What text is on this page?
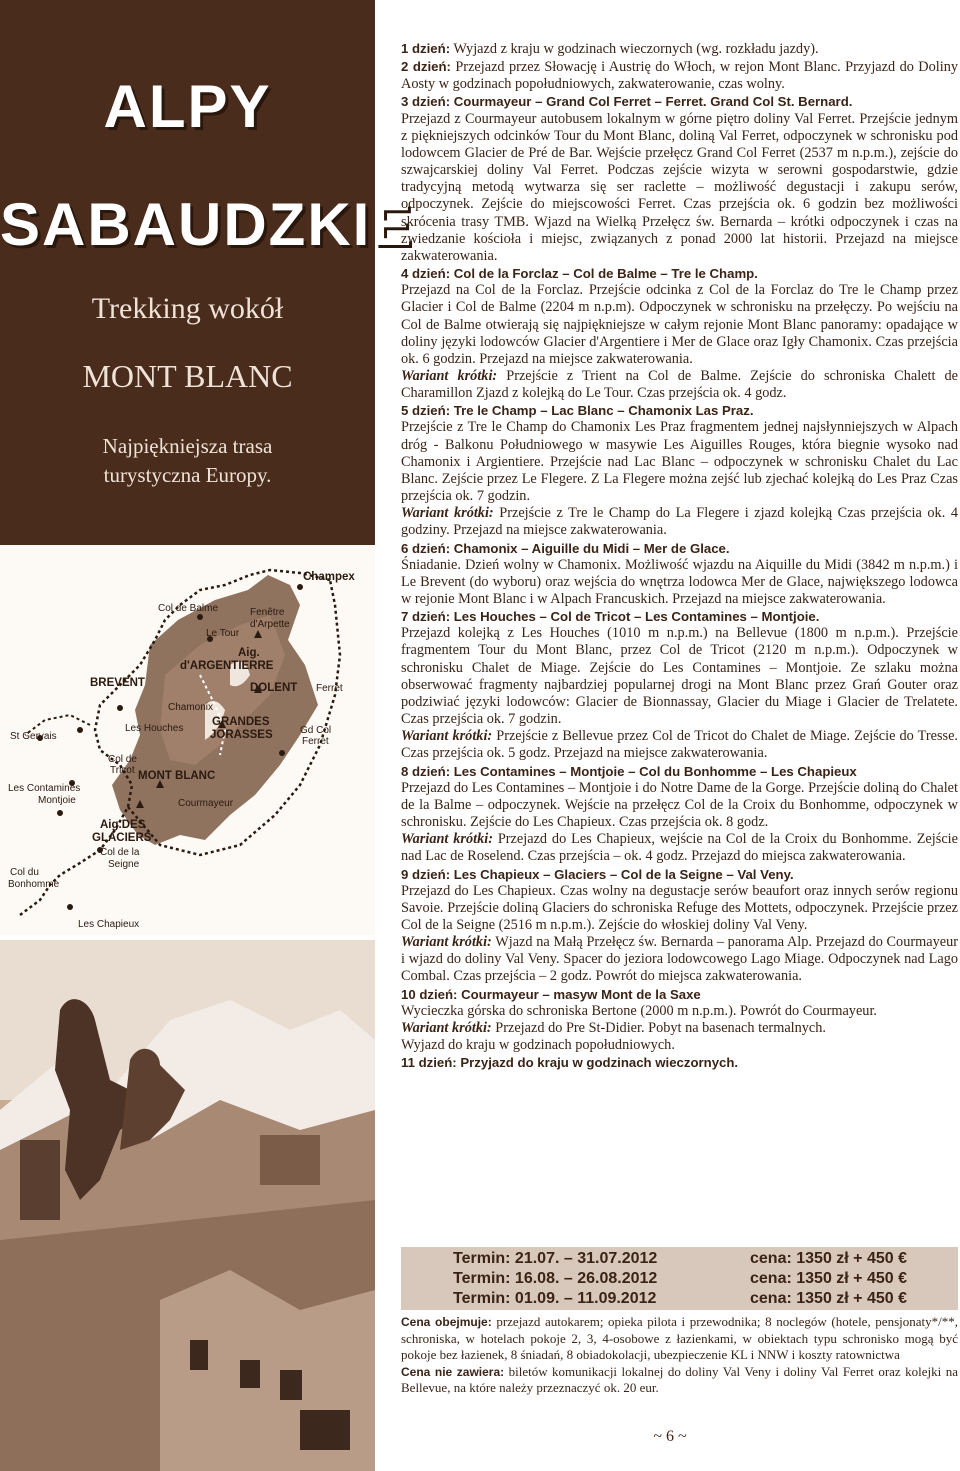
ALPY
SABAUDZKIE
Trekking wokół
MONT BLANC
Najpiękniejsza trasa
turystyczna Europy.
Champex
Col de Balme	Fenêtre
d'Arpette
Le Tour
Aig.
d'ARGENTIERRE
BREVENT
Chamonix
DOLENT Ferret
Les Houches
GRANDES
JORASSES	Gd Col
Ferret
St Gervais
Col de
Tricot MONT BLANC
Les Contamines
Montjoie	Courmayeur
Aig.DES
GLACIERS
Col de la
Seigne
Col du
Bonhomme
Les Chapieux

1 dzień: Wyjazd z kraju w godzinach wieczornych (wg. rozkładu jazdy).

2 dzień: Przejazd przez Słowację i Austrię do Włoch, w rejon Mont Blanc. Przyjazd do Doliny Aosty w godzinach popołudniowych, zakwaterowanie, czas wolny.

3 dzień: Courmayeur – Grand Col Ferret – Ferret. Grand Col St. Bernard.

Przejazd z Courmayeur autobusem lokalnym w górne piętro doliny Val Ferret. Przejście jednym z piękniejszych odcinków Tour du Mont Blanc, doliną Val Ferret, odpoczynek w schronisku pod lodowcem Glacier de Pré de Bar. Wejście przełęcz Grand Col Ferret (2537 m n.p.m.), zejście do szwajcarskiej doliny Val Ferret. Podczas zejście wizyta w serowni gospodarstwie, gdzie tradycyjną metodą wytwarza się ser raclette – możliwość degustacji i zakupu serów, odpoczynek. Zejście do miejscowości Ferret. Czas przejścia ok. 6 godzin bez możliwości skrócenia trasy TMB. Wjazd na Wielką Przełęcz św. Bernarda – krótki odpoczynek i czas na zwiedzanie kościoła i miejsc, związanych z ponad 2000 lat historii. Przejazd na miejsce zakwaterowania.

4 dzień: Col de la Forclaz – Col de Balme – Tre le Champ.

Przejazd na Col de la Forclaz. Przejście odcinka z Col de la Forclaz do Tre le Champ przez Glacier i Col de Balme (2204 m n.p.m). Odpoczynek w schronisku na przełęczy. Po wejściu na Col de Balme otwierają się najpiękniejsze w całym rejonie Mont Blanc panoramy: opadające w doliny języki lodowców Glacier d'Argentiere i Mer de Glace oraz Igły Chamonix. Czas przejścia ok. 6 godzin. Przejazd na miejsce zakwaterowania.

Wariant krótki: Przejście z Trient na Col de Balme. Zejście do schroniska Chalett de Charamillon Zjazd z kolejką do Le Tour. Czas przejścia ok. 4 godz.

5 dzień: Tre le Champ – Lac Blanc – Chamonix Las Praz.

Przejście z Tre le Champ do Chamonix Les Praz fragmentem jednej najsłynniejszych w Alpach dróg - Balkonu Południowego w masywie Les Aiguilles Rouges, która biegnie wysoko nad Chamonix i Argientiere. Przejście nad Lac Blanc – odpoczynek w schronisku Chalet du Lac Blanc. Zejście przez Le Flegere. Z La Flegere można zejść lub zjechać kolejką do Les Praz Czas przejścia ok. 7 godzin.

Wariant krótki: Przejście z Tre le Champ do La Flegere i zjazd kolejką Czas przejścia ok. 4 godziny. Przejazd na miejsce zakwaterowania.

6 dzień: Chamonix – Aiguille du Midi – Mer de Glace.

Śniadanie. Dzień wolny w Chamonix. Możliwość wjazdu na Aiquille du Midi (3842 m n.p.m.) i Le Brevent (do wyboru) oraz wejścia do wnętrza lodowca Mer de Glace, największego lodowca w rejonie Mont Blanc i w Alpach Francuskich. Przejazd na miejsce zakwaterowania.

7 dzień: Les Houches – Col de Tricot – Les Contamines – Montjoie.

Przejazd kolejką z Les Houches (1010 m n.p.m.) na Bellevue (1800 m n.p.m.). Przejście fragmentem Tour du Mont Blanc, przez Col de Tricot (2120 m n.p.m.). Odpoczynek w schronisku Chalet de Miage. Zejście do Les Contamines – Montjoie. Ze szlaku można obserwować fragmenty najbardziej popularnej drogi na Mont Blanc przez Grań Gouter oraz podziwiać języki lodowców: Glacier de Bionnassay, Glacier du Miage i Glacier de Trelatete. Czas przejścia ok. 7 godzin.

Wariant krótki: Przejście z Bellevue przez Col de Tricot do Chalet de Miage. Zejście do Tresse. Czas przejścia ok. 5 godz. Przejazd na miejsce zakwaterowania.

8 dzień: Les Contamines – Montjoie – Col du Bonhomme – Les Chapieux

Przejazd do Les Contamines – Montjoie i do Notre Dame de la Gorge. Przejście doliną do Chalet de la Balme – odpoczynek. Wejście na przełęcz Col de la Croix du Bonhomme, odpoczynek w schronisku. Zejście do Les Chapieux. Czas przejścia ok. 8 godz.

Wariant krótki: Przejazd do Les Chapieux, wejście na Col de la Croix du Bonhomme. Zejście nad Lac de Roselend. Czas przejścia – ok. 4 godz. Przejazd do miejsca zakwaterowania.

9 dzień: Les Chapieux – Glaciers – Col de la Seigne – Val Veny.

Przejazd do Les Chapieux. Czas wolny na degustacje serów beaufort oraz innych serów regionu Savoie. Przejście doliną Glaciers do schroniska Refuge des Mottets, odpoczynek. Przejście przez Col de la Seigne (2516 m n.p.m.). Zejście do włoskiej doliny Val Veny.

Wariant krótki: Wjazd na Małą Przełęcz św. Bernarda – panorama Alp. Przejazd do Courmayeur i wjazd do doliny Val Veny. Spacer do jeziora lodowcowego Lago Miage. Odpoczynek nad Lago Combal. Czas przejścia – 2 godz. Powrót do miejsca zakwaterowania.

10 dzień: Courmayeur – masyw Mont de la Saxe

Wycieczka górska do schroniska Bertone (2000 m n.p.m.). Powrót do Courmayeur.

Wariant krótki: Przejazd do Pre St-Didier. Pobyt na basenach termalnych.

Wyjazd do kraju w godzinach popołudniowych.

11 dzień: Przyjazd do kraju w godzinach wieczornych.

Termin: 21.07. – 31.07.2012	cena: 1350 zł + 450 €
Termin: 16.08. – 26.08.2012	cena: 1350 zł + 450 €
Termin: 01.09. – 11.09.2012	cena: 1350 zł + 450 €

Cena obejmuje: przejazd autokarem; opieka pilota i przewodnika; 8 noclegów (hotele, pensjonaty*/**, schroniska, w hotelach pokoje 2, 3, 4-osobowe z łazienkami, w obiektach typu schronisko mogą być pokoje bez łazienek, 8 śniadań, 8 obiadokolacji, ubezpieczenie KL i NNW i koszty ratownictwa

Cena nie zawiera: biletów komunikacji lokalnej do doliny Val Veny i doliny Val Ferret oraz kolejki na Bellevue, na które należy przeznaczyć ok. 20 eur.

~ 6 ~
